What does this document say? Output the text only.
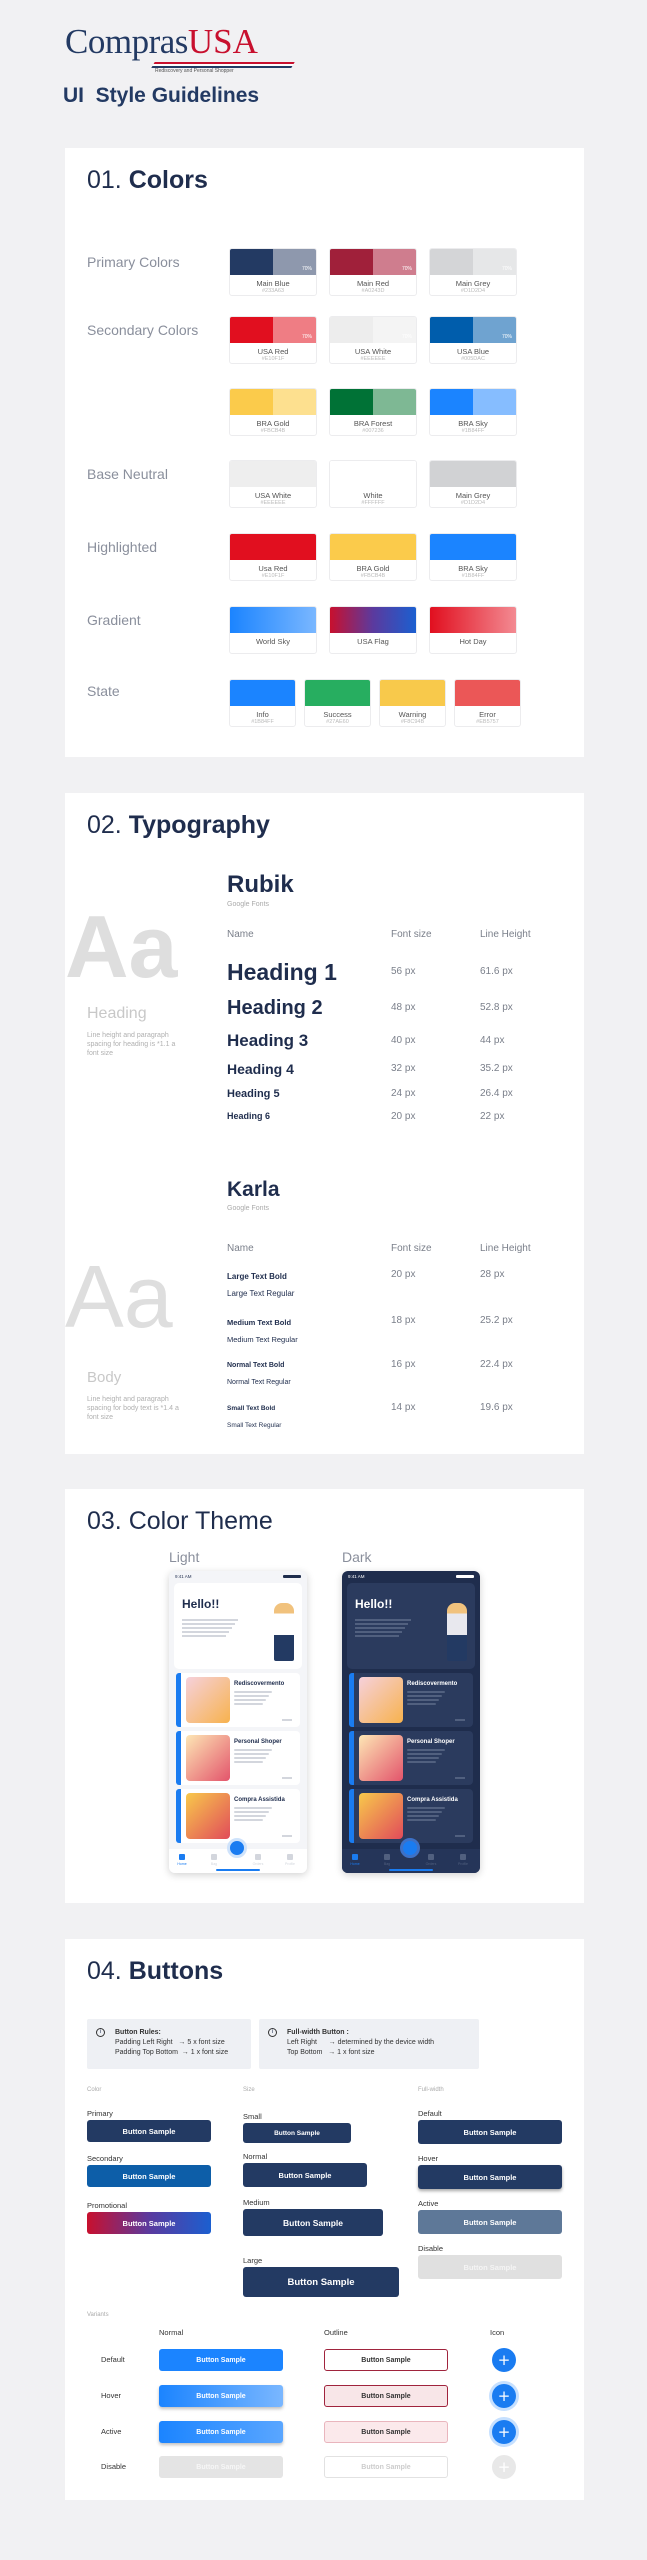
ComprasUSA
Rediscovery and Personal Shopper
UI  Style Guidelines
01. Colors
Primary Colors
Main Blue
#233A63
70%
Main Red
#A0243D
70%
Main Grey
#D1D2D4
70%
Secondary Colors
USA Red
#E10F1F
70%
USA White
#EEEEEE
70%
USA Blue
#005DAC
70%
BRA Gold
#FBCB4B
BRA Forest
#007236
BRA Sky
#1B84FF
Base Neutral
USA White
#EEEEEE
White
#FFFFFF
Main Grey
#D1D2D4
Highlighted
Usa Red
#E10F1F
BRA Gold
#FBCB4B
BRA Sky
#1B84FF
Gradient
World Sky	USA Flag	Hot Day
State
Info
#1B84FF
Success
#27AE60
Warning
#F8C94B
Error
#EB5757
02. Typography
Aa
Heading
Line height and paragraph spacing for heading is *1.1 a font size
Rubik
Google Fonts
Name	Font size	Line Height
Heading 1	56 px	61.6 px
Heading 2	48 px	52.8 px
Heading 3	40 px	44 px
Heading 4	32 px	35.2 px
Heading 5	24 px	26.4 px
Heading 6	20 px	22 px
Karla
Google Fonts
Name	Font size	Line Height
Aa
Body
Line height and paragraph spacing for body text is *1.4 a font size
Large Text Bold
Large Text Regular
20 px	28 px
Medium Text Bold
Medium Text Regular
18 px	25.2 px
Normal Text Bold
Normal Text Regular
16 px	22.4 px
Small Text Bold
Small Text Regular
14 px	19.6 px
03. Color Theme
Light	Dark
9:41 AM
Hello!!
Rediscovermento
Personal Shoper
Compra Assistida
Home	Bag	Orders	Profile
9:41 AM
Hello!!
Rediscovermento
Personal Shoper
Compra Assistida
Home	Bag	Orders	Profile
04. Buttons
i	Button Rules:
Padding Left Right   → 5 x font size
Padding Top Bottom  → 1 x font size
i	Full-width Button :
Left Right      → determined by the device width
Top Bottom   → 1 x font size
Color	Size	Full-width
Primary
Button Sample
Secondary
Button Sample
Promotional
Button Sample
Small
Button Sample
Normal
Button Sample
Medium
Button Sample
Large
Button Sample
Default
Button Sample
Hover
Button Sample
Active
Button Sample
Disable
Button Sample
Variants
Normal	Outline	Icon
Default	Button Sample	Button Sample	+
Hover	Button Sample	Button Sample	+
Active	Button Sample	Button Sample	+
Disable	Button Sample	Button Sample	+
